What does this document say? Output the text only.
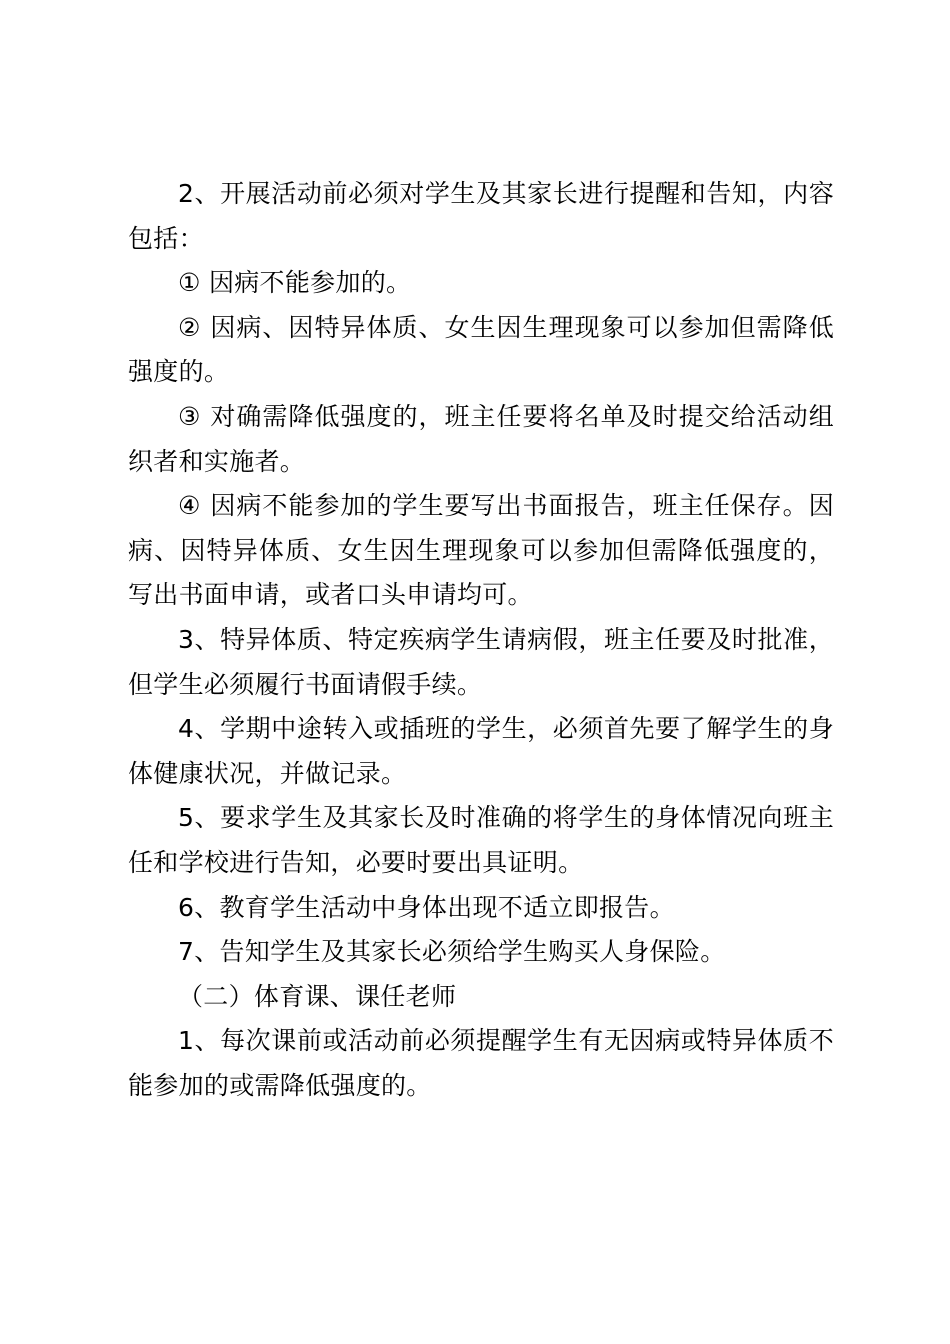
2、开展活动前必须对学生及其家长进行提醒和告知，内容包括：

① 因病不能参加的。

② 因病、因特异体质、女生因生理现象可以参加但需降低强度的。

③ 对确需降低强度的，班主任要将名单及时提交给活动组织者和实施者。

④ 因病不能参加的学生要写出书面报告，班主任保存。因病、因特异体质、女生因生理现象可以参加但需降低强度的，写出书面申请，或者口头申请均可。

3、特异体质、特定疾病学生请病假，班主任要及时批准，但学生必须履行书面请假手续。

4、学期中途转入或插班的学生，必须首先要了解学生的身体健康状况，并做记录。

5、要求学生及其家长及时准确的将学生的身体情况向班主任和学校进行告知，必要时要出具证明。

6、教育学生活动中身体出现不适立即报告。

7、告知学生及其家长必须给学生购买人身保险。

（二）体育课、课任老师

1、每次课前或活动前必须提醒学生有无因病或特异体质不能参加的或需降低强度的。
